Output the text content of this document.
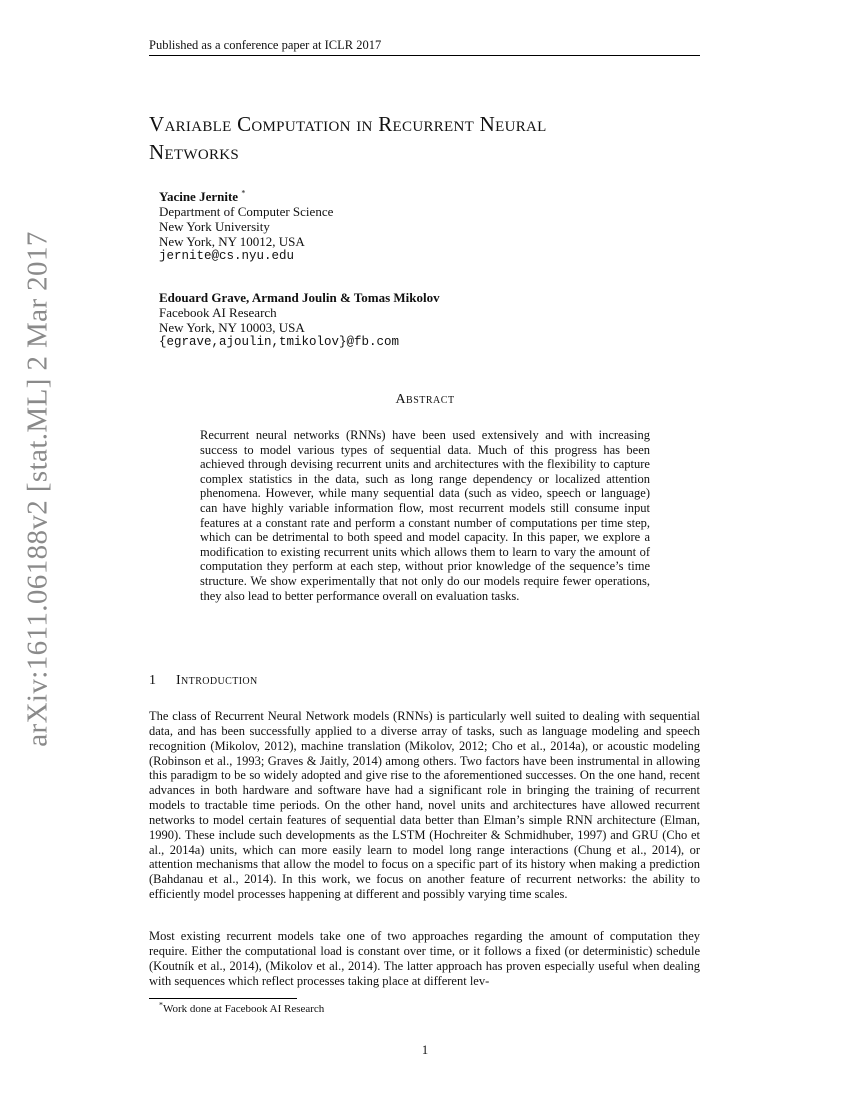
Published as a conference paper at ICLR 2017
arXiv:1611.06188v2 [stat.ML] 2 Mar 2017
Variable Computation in Recurrent Neural
Networks
Yacine Jernite *
Department of Computer Science
New York University
New York, NY 10012, USA
jernite@cs.nyu.edu
Edouard Grave, Armand Joulin & Tomas Mikolov
Facebook AI Research
New York, NY 10003, USA
{egrave,ajoulin,tmikolov}@fb.com
Abstract
Recurrent neural networks (RNNs) have been used extensively and with increasing success to model various types of sequential data. Much of this progress has been achieved through devising recurrent units and architectures with the flexibility to capture complex statistics in the data, such as long range dependency or localized attention phenomena. However, while many sequential data (such as video, speech or language) can have highly variable information flow, most recurrent models still consume input features at a constant rate and perform a constant number of computations per time step, which can be detrimental to both speed and model capacity. In this paper, we explore a modification to existing recurrent units which allows them to learn to vary the amount of computation they perform at each step, without prior knowledge of the sequence’s time structure. We show experimentally that not only do our models require fewer operations, they also lead to better performance overall on evaluation tasks.
1 Introduction
The class of Recurrent Neural Network models (RNNs) is particularly well suited to dealing with sequential data, and has been successfully applied to a diverse array of tasks, such as language modeling and speech recognition (Mikolov, 2012), machine translation (Mikolov, 2012; Cho et al., 2014a), or acoustic modeling (Robinson et al., 1993; Graves & Jaitly, 2014) among others. Two factors have been instrumental in allowing this paradigm to be so widely adopted and give rise to the aforementioned successes. On the one hand, recent advances in both hardware and software have had a significant role in bringing the training of recurrent models to tractable time periods. On the other hand, novel units and architectures have allowed recurrent networks to model certain features of sequential data better than Elman’s simple RNN architecture (Elman, 1990). These include such developments as the LSTM (Hochreiter & Schmidhuber, 1997) and GRU (Cho et al., 2014a) units, which can more easily learn to model long range interactions (Chung et al., 2014), or attention mechanisms that allow the model to focus on a specific part of its history when making a prediction (Bahdanau et al., 2014). In this work, we focus on another feature of recurrent networks: the ability to efficiently model processes happening at different and possibly varying time scales.
Most existing recurrent models take one of two approaches regarding the amount of computation they require. Either the computational load is constant over time, or it follows a fixed (or deterministic) schedule (Koutník et al., 2014), (Mikolov et al., 2014). The latter approach has proven especially useful when dealing with sequences which reflect processes taking place at different lev-
*Work done at Facebook AI Research
1
